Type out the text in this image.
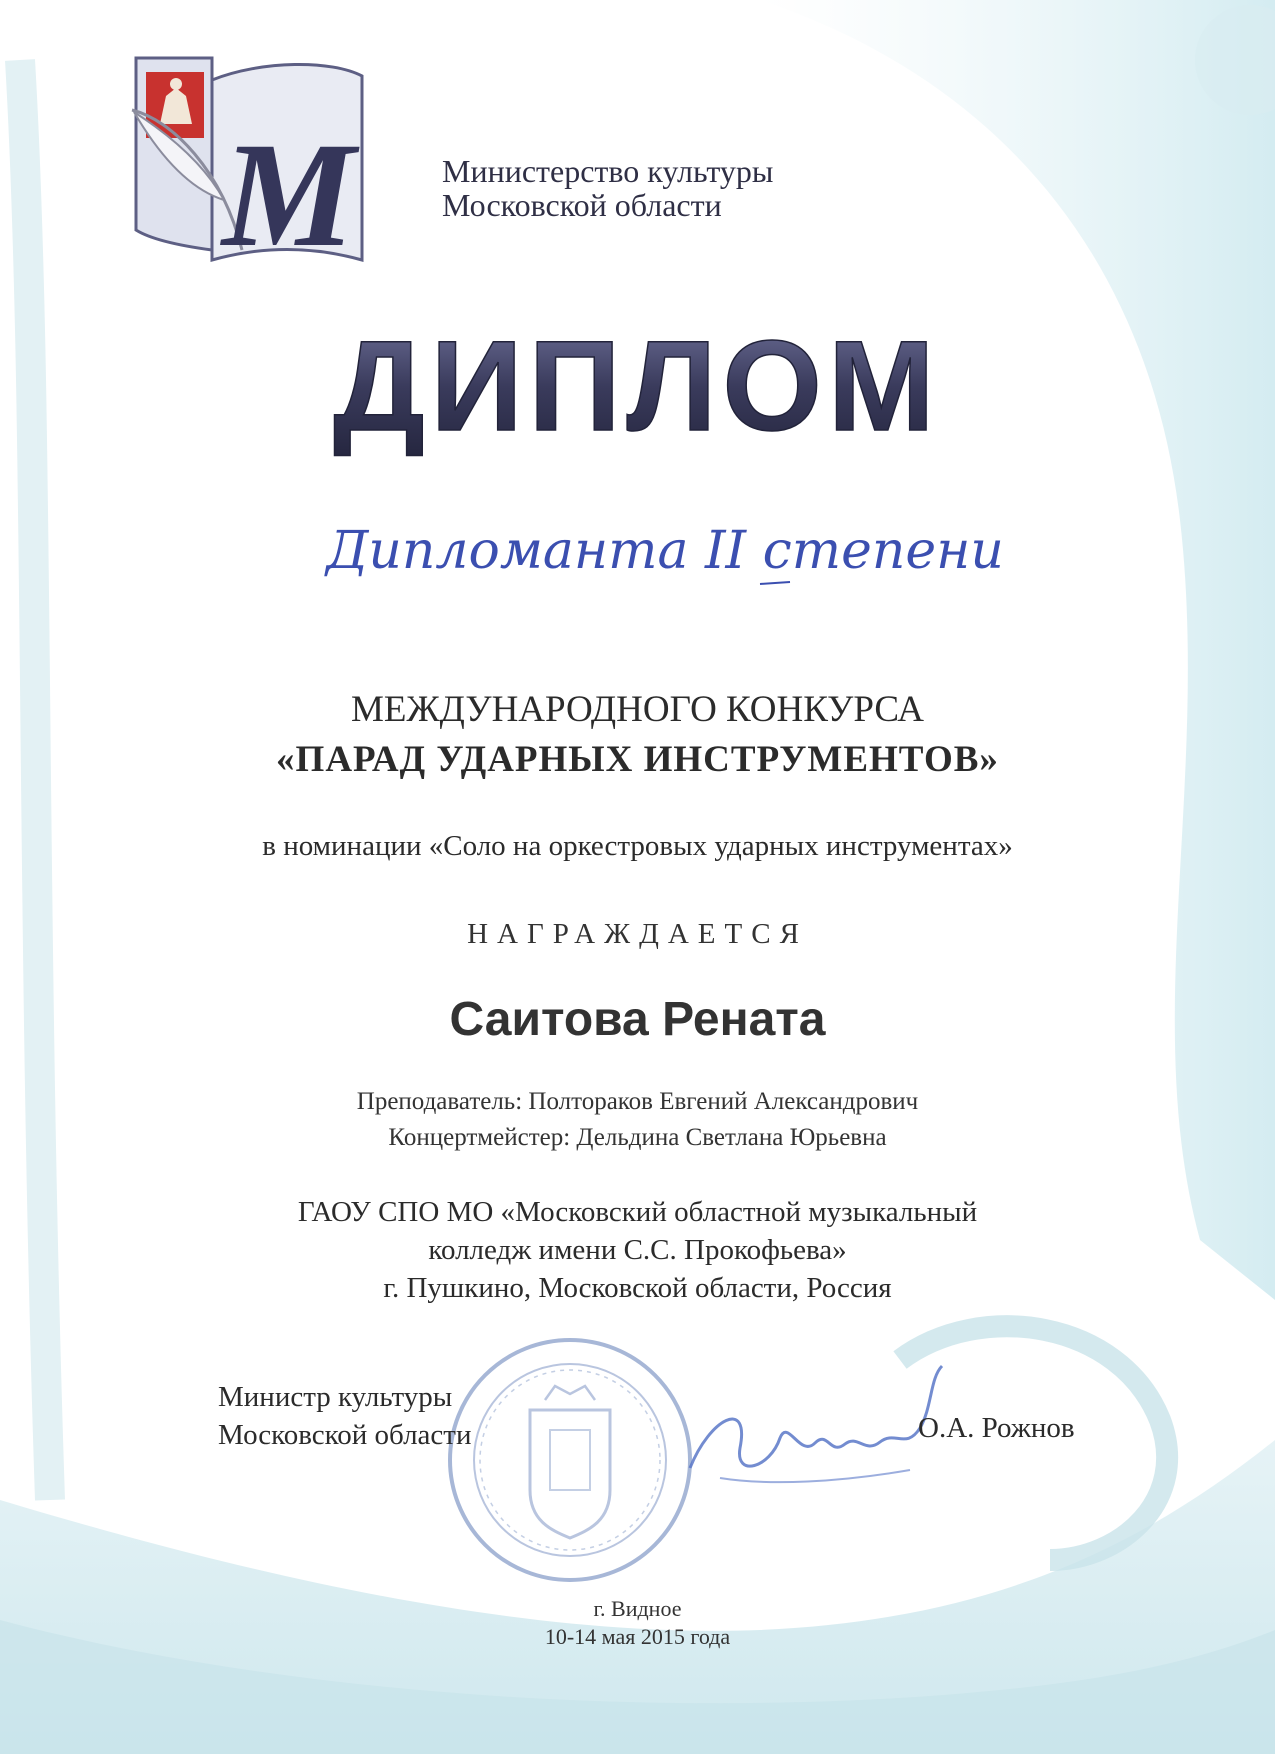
М	Министерство культуры
Московской области
ДИПЛОМ
Дипломанта II степени
МЕЖДУНАРОДНОГО КОНКУРСА
«ПАРАД УДАРНЫХ ИНСТРУМЕНТОВ»
в номинации «Соло на оркестровых ударных инструментах»
НАГРАЖДАЕТСЯ
Саитова Рената
Преподаватель: Полтораков Евгений Александрович
Концертмейстер: Дельдина Светлана Юрьевна
ГАОУ СПО МО «Московский областной музыкальный
колледж имени С.С. Прокофьева»
г. Пушкино, Московской области, Россия
Министр культуры
Московской области	О.А. Рожнов
г. Видное
10-14 мая 2015 года
